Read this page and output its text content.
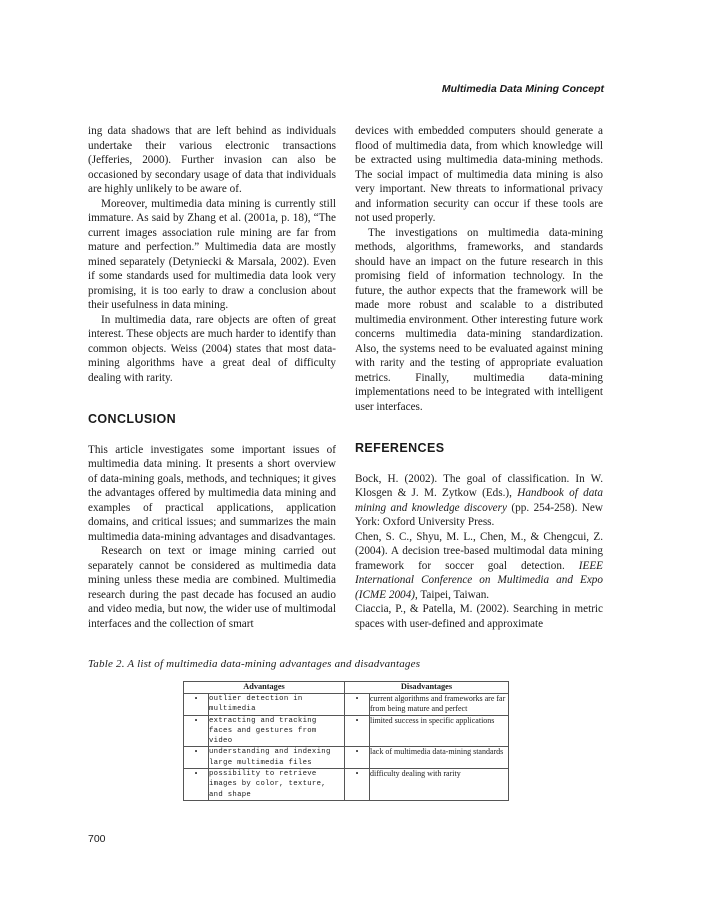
Multimedia Data Mining Concept

ing data shadows that are left behind as individuals undertake their various electronic transactions (Jefferies, 2000). Further invasion can also be occasioned by secondary usage of data that individuals are highly unlikely to be aware of.

Moreover, multimedia data mining is currently still immature. As said by Zhang et al. (2001a, p. 18), “The current images association rule mining are far from mature and perfection.” Multimedia data are mostly mined separately (Detyniecki & Marsala, 2002). Even if some standards used for multimedia data look very promising, it is too early to draw a conclusion about their usefulness in data mining.

In multimedia data, rare objects are often of great interest. These objects are much harder to identify than common objects. Weiss (2004) states that most data-mining algorithms have a great deal of difficulty dealing with rarity.

CONCLUSION

This article investigates some important issues of multimedia data mining. It presents a short overview of data-mining goals, methods, and techniques; it gives the advantages offered by multimedia data mining and examples of practical applications, application domains, and critical issues; and summarizes the main multimedia data-mining advantages and disadvantages.

Research on text or image mining carried out separately cannot be considered as multimedia data mining unless these media are combined. Multimedia research during the past decade has focused an audio and video media, but now, the wider use of multimodal interfaces and the collection of smart

devices with embedded computers should generate a flood of multimedia data, from which knowledge will be extracted using multimedia data-mining methods. The social impact of multimedia data mining is also very important. New threats to informational privacy and information security can occur if these tools are not used properly.

The investigations on multimedia data-mining methods, algorithms, frameworks, and standards should have an impact on the future research in this promising field of information technology. In the future, the author expects that the framework will be made more robust and scalable to a distributed multimedia environment. Other interesting future work concerns multimedia data-mining standardization. Also, the systems need to be evaluated against mining with rarity and the testing of appropriate evaluation metrics. Finally, multimedia data-mining implementations need to be integrated with intelligent user interfaces.

REFERENCES

Bock, H. (2002). The goal of classification. In W. Klosgen & J. M. Zytkow (Eds.), Handbook of data mining and knowledge discovery (pp. 254-258). New York: Oxford University Press.

Chen, S. C., Shyu, M. L., Chen, M., & Chengcui, Z. (2004). A decision tree-based multimodal data mining framework for soccer goal detection. IEEE International Conference on Multimedia and Expo (ICME 2004), Taipei, Taiwan.

Ciaccia, P., & Patella, M. (2002). Searching in metric spaces with user-defined and approximate

Table 2. A list of multimedia data-mining advantages and disadvantages
Advantages		Disadvantages	
•	outlier detection in multimedia	•	current algorithms and frameworks are far from being mature and perfect
•	extracting and tracking faces and gestures from video	•	limited success in specific applications
•	understanding and indexing large multimedia files	•	lack of multimedia data-mining standards
•	possibility to retrieve images by color, texture, and shape	•	difficulty dealing with rarity
700
